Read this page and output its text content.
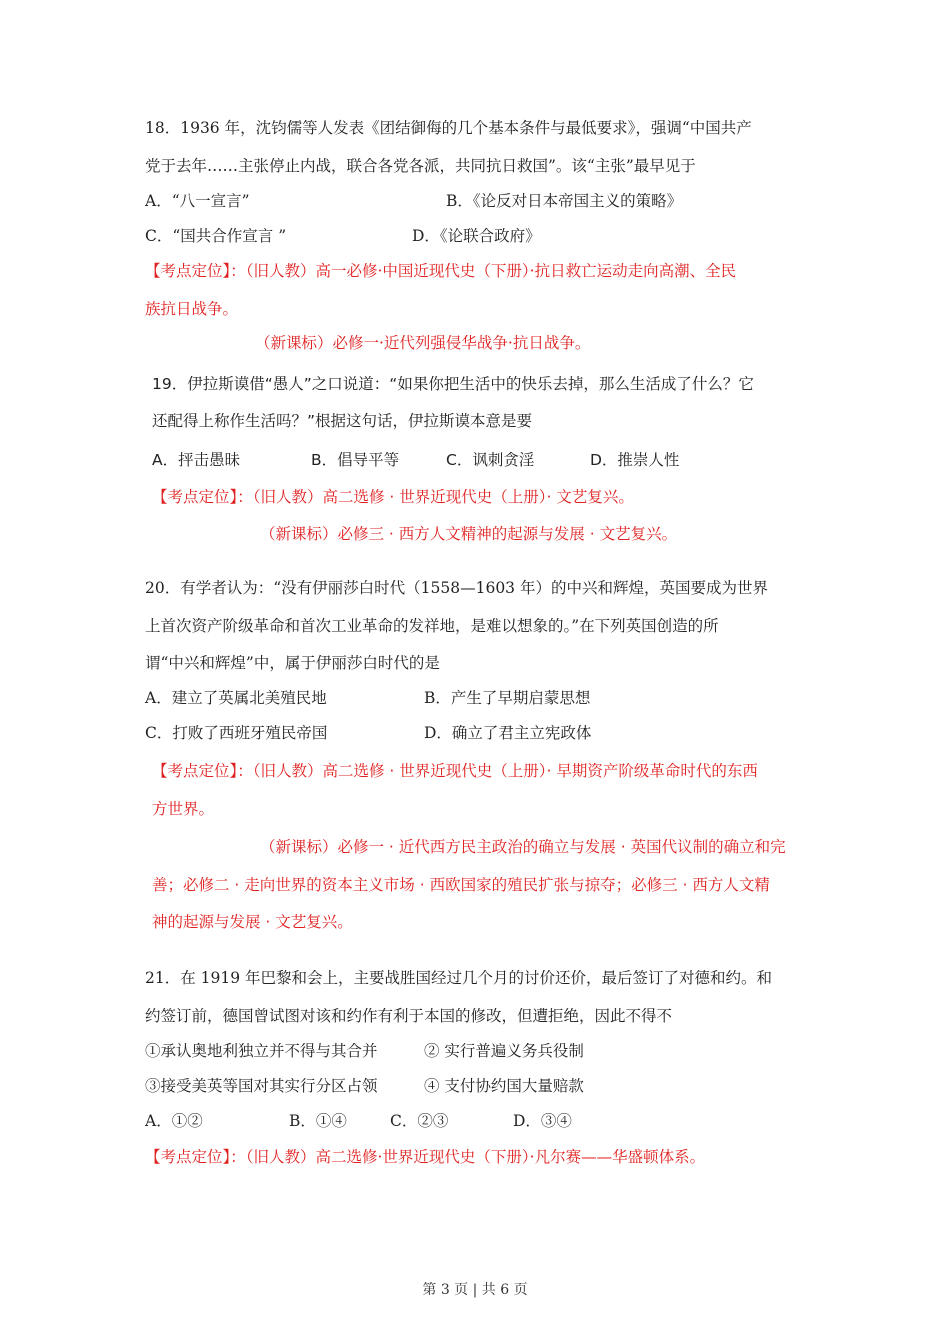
18．1936 年，沈钧儒等人发表《团结御侮的几个基本条件与最低要求》，强调“中国共产
党于去年……主张停止内战，联合各党各派，共同抗日救国”。该“主张”最早见于
A．“八一宣言”	B．《论反对日本帝国主义的策略》
C．“国共合作宣言 ”	D．《论联合政府》
【考点定位】：（旧人教）高一必修·中国近现代史（下册）·抗日救亡运动走向高潮、全民
族抗日战争。
（新课标）必修一·近代列强侵华战争·抗日战争。
19．伊拉斯谟借“愚人”之口说道：“如果你把生活中的快乐去掉，那么生活成了什么？它
还配得上称作生活吗？”根据这句话，伊拉斯谟本意是要
A．抨击愚昧	B．倡导平等	C．讽刺贪淫	D．推崇人性
【考点定位】：（旧人教）高二选修 · 世界近现代史（上册）· 文艺复兴。
（新课标）必修三 · 西方人文精神的起源与发展 · 文艺复兴。
20．有学者认为：“没有伊丽莎白时代（1558—1603 年）的中兴和辉煌，英国要成为世界
上首次资产阶级革命和首次工业革命的发祥地，是难以想象的。”在下列英国创造的所
谓“中兴和辉煌”中，属于伊丽莎白时代的是
A．建立了英属北美殖民地	B．产生了早期启蒙思想
C．打败了西班牙殖民帝国	D．确立了君主立宪政体
【考点定位】：（旧人教）高二选修 · 世界近现代史（上册）· 早期资产阶级革命时代的东西
方世界。
（新课标）必修一 · 近代西方民主政治的确立与发展 · 英国代议制的确立和完
善；必修二 · 走向世界的资本主义市场 · 西欧国家的殖民扩张与掠夺；必修三 · 西方人文精
神的起源与发展 · 文艺复兴。
21．在 1919 年巴黎和会上，主要战胜国经过几个月的讨价还价，最后签订了对德和约。和
约签订前，德国曾试图对该和约作有利于本国的修改，但遭拒绝，因此不得不
①承认奥地利独立并不得与其合并	② 实行普遍义务兵役制
③接受美英等国对其实行分区占领	④ 支付协约国大量赔款
A．①②	B．①④	C．②③	D．③④
【考点定位】：（旧人教）高二选修·世界近现代史（下册）·凡尔赛——华盛顿体系。
第 3 页 | 共 6 页
